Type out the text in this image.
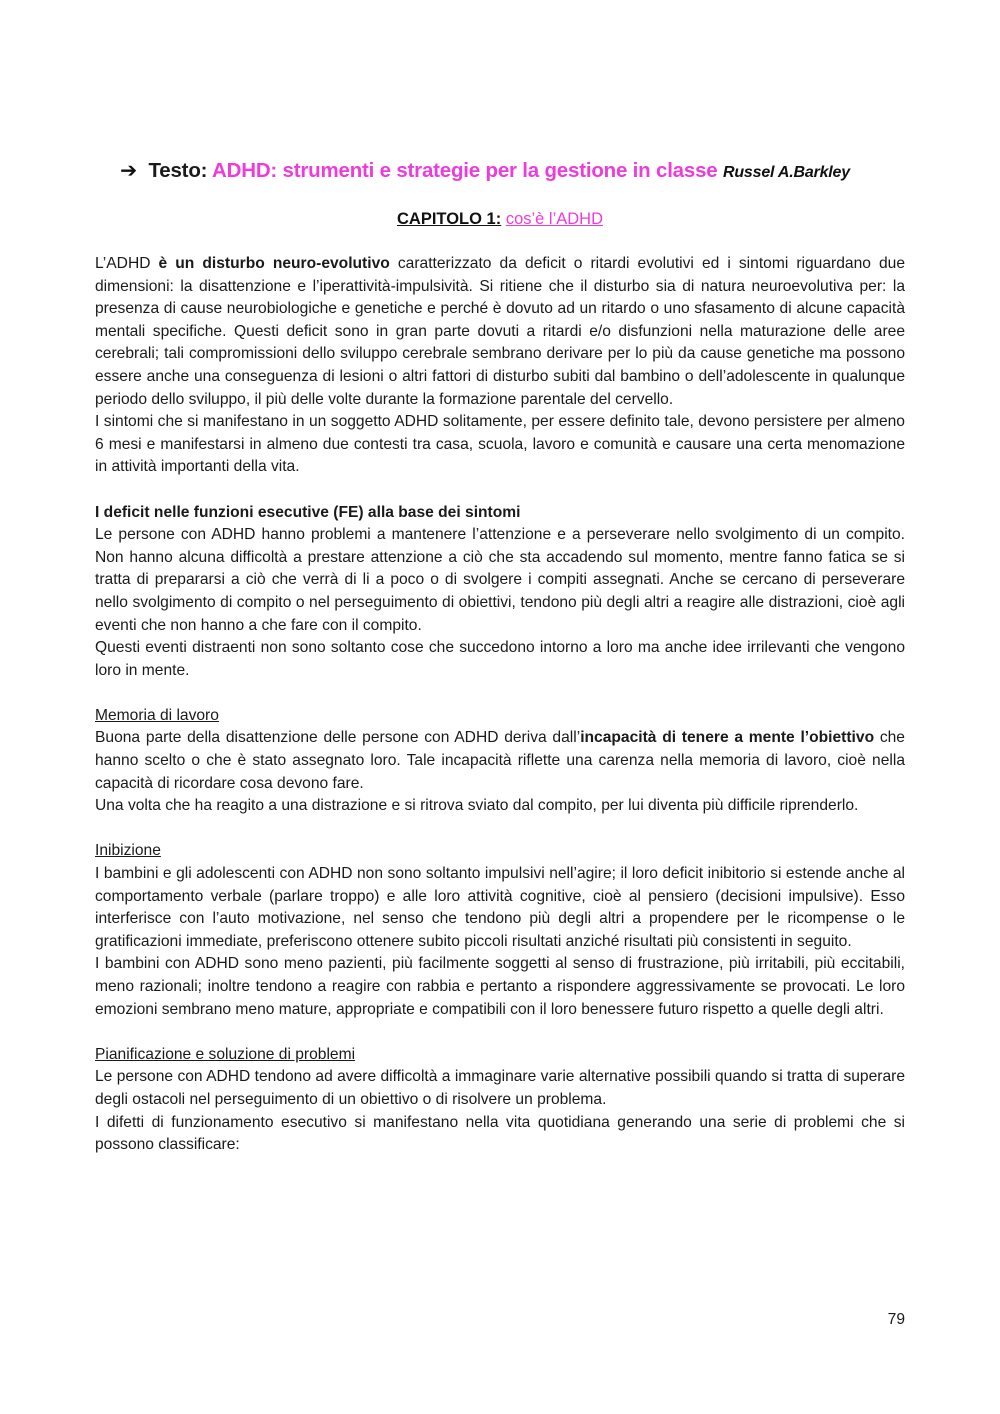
➔ Testo: ADHD: strumenti e strategie per la gestione in classe Russel A.Barkley
CAPITOLO 1: cos’è l’ADHD

L’ADHD è un disturbo neuro-evolutivo caratterizzato da deficit o ritardi evolutivi ed i sintomi riguardano due dimensioni: la disattenzione e l’iperattività-impulsività. Si ritiene che il disturbo sia di natura neuroevolutiva per: la presenza di cause neurobiologiche e genetiche e perché è dovuto ad un ritardo o uno sfasamento di alcune capacità mentali specifiche. Questi deficit sono in gran parte dovuti a ritardi e/o disfunzioni nella maturazione delle aree cerebrali; tali compromissioni dello sviluppo cerebrale sembrano derivare per lo più da cause genetiche ma possono essere anche una conseguenza di lesioni o altri fattori di disturbo subiti dal bambino o dell’adolescente in qualunque periodo dello sviluppo, il più delle volte durante la formazione parentale del cervello.

I sintomi che si manifestano in un soggetto ADHD solitamente, per essere definito tale, devono persistere per almeno 6 mesi e manifestarsi in almeno due contesti tra casa, scuola, lavoro e comunità e causare una certa menomazione in attività importanti della vita.

I deficit nelle funzioni esecutive (FE) alla base dei sintomi

Le persone con ADHD hanno problemi a mantenere l’attenzione e a perseverare nello svolgimento di un compito. Non hanno alcuna difficoltà a prestare attenzione a ciò che sta accadendo sul momento, mentre fanno fatica se si tratta di prepararsi a ciò che verrà di li a poco o di svolgere i compiti assegnati. Anche se cercano di perseverare nello svolgimento di compito o nel perseguimento di obiettivi, tendono più degli altri a reagire alle distrazioni, cioè agli eventi che non hanno a che fare con il compito.

Questi eventi distraenti non sono soltanto cose che succedono intorno a loro ma anche idee irrilevanti che vengono loro in mente.

Memoria di lavoro

Buona parte della disattenzione delle persone con ADHD deriva dall’incapacità di tenere a mente l’obiettivo che hanno scelto o che è stato assegnato loro. Tale incapacità riflette una carenza nella memoria di lavoro, cioè nella capacità di ricordare cosa devono fare.

Una volta che ha reagito a una distrazione e si ritrova sviato dal compito, per lui diventa più difficile riprenderlo.

Inibizione

I bambini e gli adolescenti con ADHD non sono soltanto impulsivi nell’agire; il loro deficit inibitorio si estende anche al comportamento verbale (parlare troppo) e alle loro attività cognitive, cioè al pensiero (decisioni impulsive). Esso interferisce con l’auto motivazione, nel senso che tendono più degli altri a propendere per le ricompense o le gratificazioni immediate, preferiscono ottenere subito piccoli risultati anziché risultati più consistenti in seguito.

I bambini con ADHD sono meno pazienti, più facilmente soggetti al senso di frustrazione, più irritabili, più eccitabili, meno razionali; inoltre tendono a reagire con rabbia e pertanto a rispondere aggressivamente se provocati. Le loro emozioni sembrano meno mature, appropriate e compatibili con il loro benessere futuro rispetto a quelle degli altri.

Pianificazione e soluzione di problemi

Le persone con ADHD tendono ad avere difficoltà a immaginare varie alternative possibili quando si tratta di superare degli ostacoli nel perseguimento di un obiettivo o di risolvere un problema.

I difetti di funzionamento esecutivo si manifestano nella vita quotidiana generando una serie di problemi che si possono classificare:

79
